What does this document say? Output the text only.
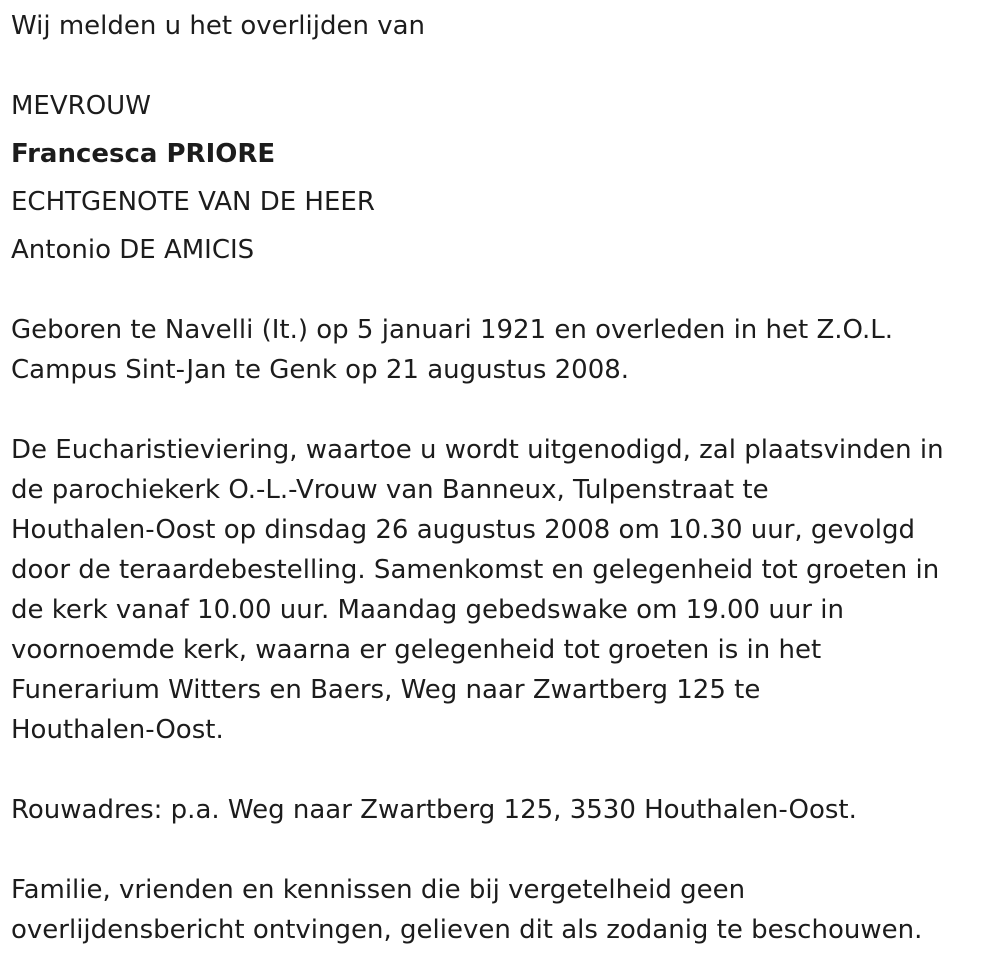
Wij melden u het overlijden van
MEVROUW
Francesca PRIORE
ECHTGENOTE VAN DE HEER
Antonio DE AMICIS
Geboren te Navelli (It.) op 5 januari 1921 en overleden in het Z.O.L.
Campus Sint-Jan te Genk op 21 augustus 2008.
De Eucharistieviering, waartoe u wordt uitgenodigd, zal plaatsvinden in
de parochiekerk O.-L.-Vrouw van Banneux, Tulpenstraat te
Houthalen-Oost op dinsdag 26 augustus 2008 om 10.30 uur, gevolgd
door de teraardebestelling. Samenkomst en gelegenheid tot groeten in
de kerk vanaf 10.00 uur. Maandag gebedswake om 19.00 uur in
voornoemde kerk, waarna er gelegenheid tot groeten is in het
Funerarium Witters en Baers, Weg naar Zwartberg 125 te
Houthalen-Oost.
Rouwadres: p.a. Weg naar Zwartberg 125, 3530 Houthalen-Oost.
Familie, vrienden en kennissen die bij vergetelheid geen
overlijdensbericht ontvingen, gelieven dit als zodanig te beschouwen.
